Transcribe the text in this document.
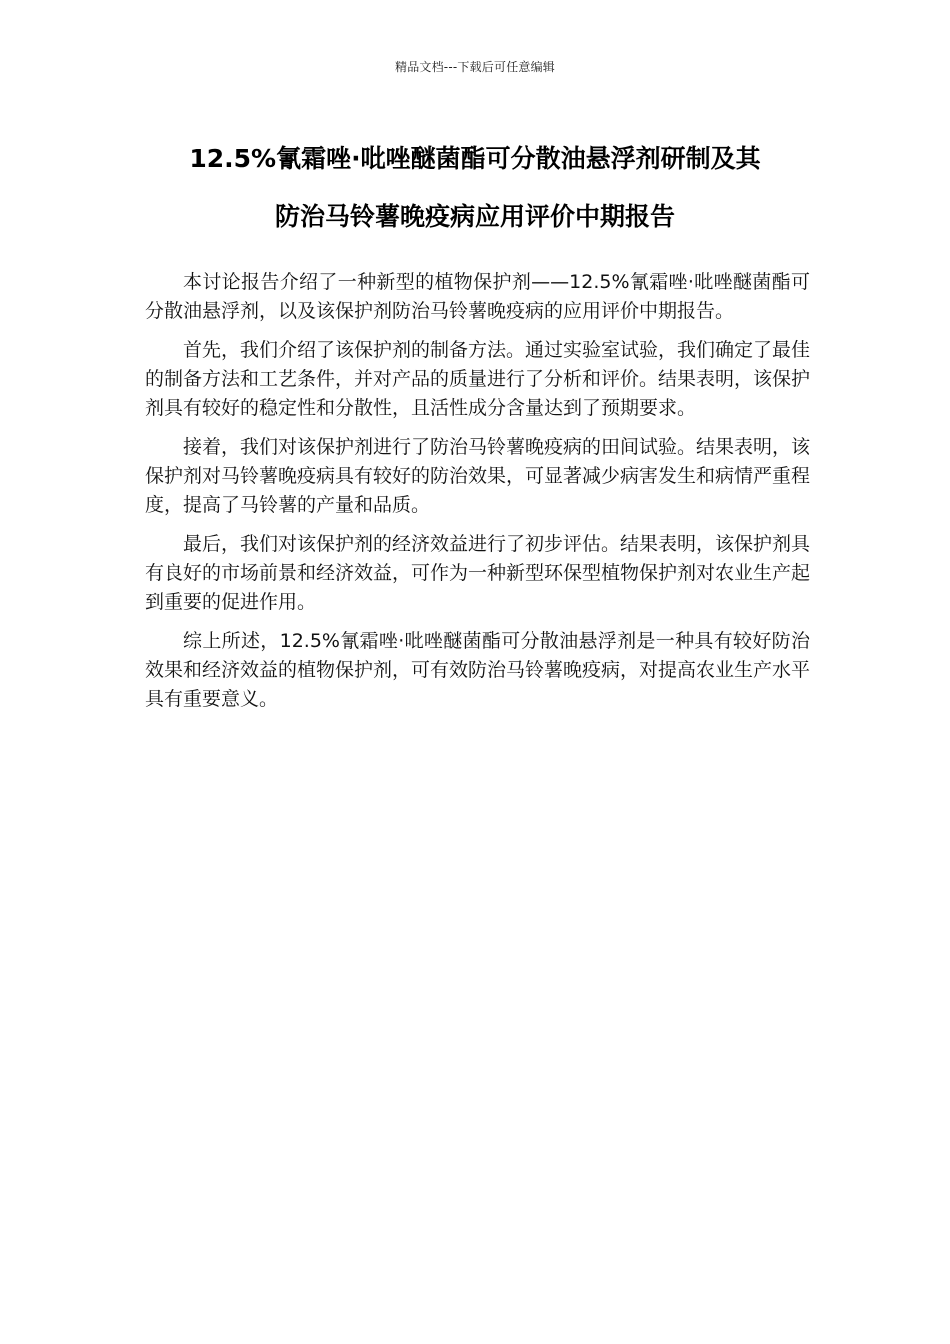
精品文档---下载后可任意编辑
12.5%氰霜唑·吡唑醚菌酯可分散油悬浮剂研制及其
防治马铃薯晚疫病应用评价中期报告

本讨论报告介绍了一种新型的植物保护剂——12.5%氰霜唑·吡唑醚菌酯可分散油悬浮剂，以及该保护剂防治马铃薯晚疫病的应用评价中期报告。

首先，我们介绍了该保护剂的制备方法。通过实验室试验，我们确定了最佳的制备方法和工艺条件，并对产品的质量进行了分析和评价。结果表明，该保护剂具有较好的稳定性和分散性，且活性成分含量达到了预期要求。

接着，我们对该保护剂进行了防治马铃薯晚疫病的田间试验。结果表明，该保护剂对马铃薯晚疫病具有较好的防治效果，可显著减少病害发生和病情严重程度，提高了马铃薯的产量和品质。

最后，我们对该保护剂的经济效益进行了初步评估。结果表明，该保护剂具有良好的市场前景和经济效益，可作为一种新型环保型植物保护剂对农业生产起到重要的促进作用。

综上所述，12.5%氰霜唑·吡唑醚菌酯可分散油悬浮剂是一种具有较好防治效果和经济效益的植物保护剂，可有效防治马铃薯晚疫病，对提高农业生产水平具有重要意义。
